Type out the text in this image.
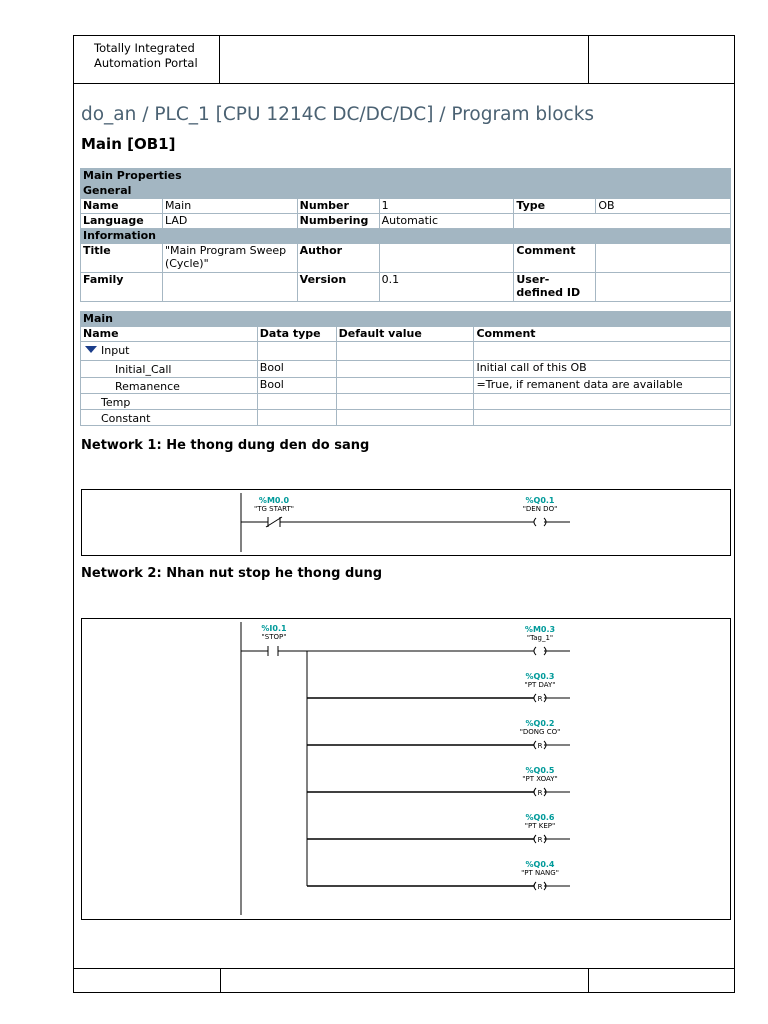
Totally Integrated
Automation Portal
do_an / PLC_1 [CPU 1214C DC/DC/DC] / Program blocks
Main [OB1]
Main Properties					
General					
Name	Main	Number	1	Type	OB
Language	LAD	Numbering	Automatic		
Information					
Title	"Main Program Sweep (Cycle)"	Author		Comment	
Family		Version	0.1	User-defined ID	
Main			
Name	Data type	Default value	Comment
Input			
Initial_Call	Bool		Initial call of this OB
Remanence	Bool		=True, if remanent data are available
Temp			
Constant			
Network 1: He thong dung den do sang
%M0.0
"TG START"
%Q0.1
"DEN DO"
Network 2: Nhan nut stop he thong dung
%I0.1
"STOP"
%M0.3
"Tag_1"
%Q0.3
"PT DAY"
R
%Q0.2
"DONG CO"
R
%Q0.5
"PT XOAY"
R
%Q0.6
"PT KEP"
R
%Q0.4
"PT NANG"
R
